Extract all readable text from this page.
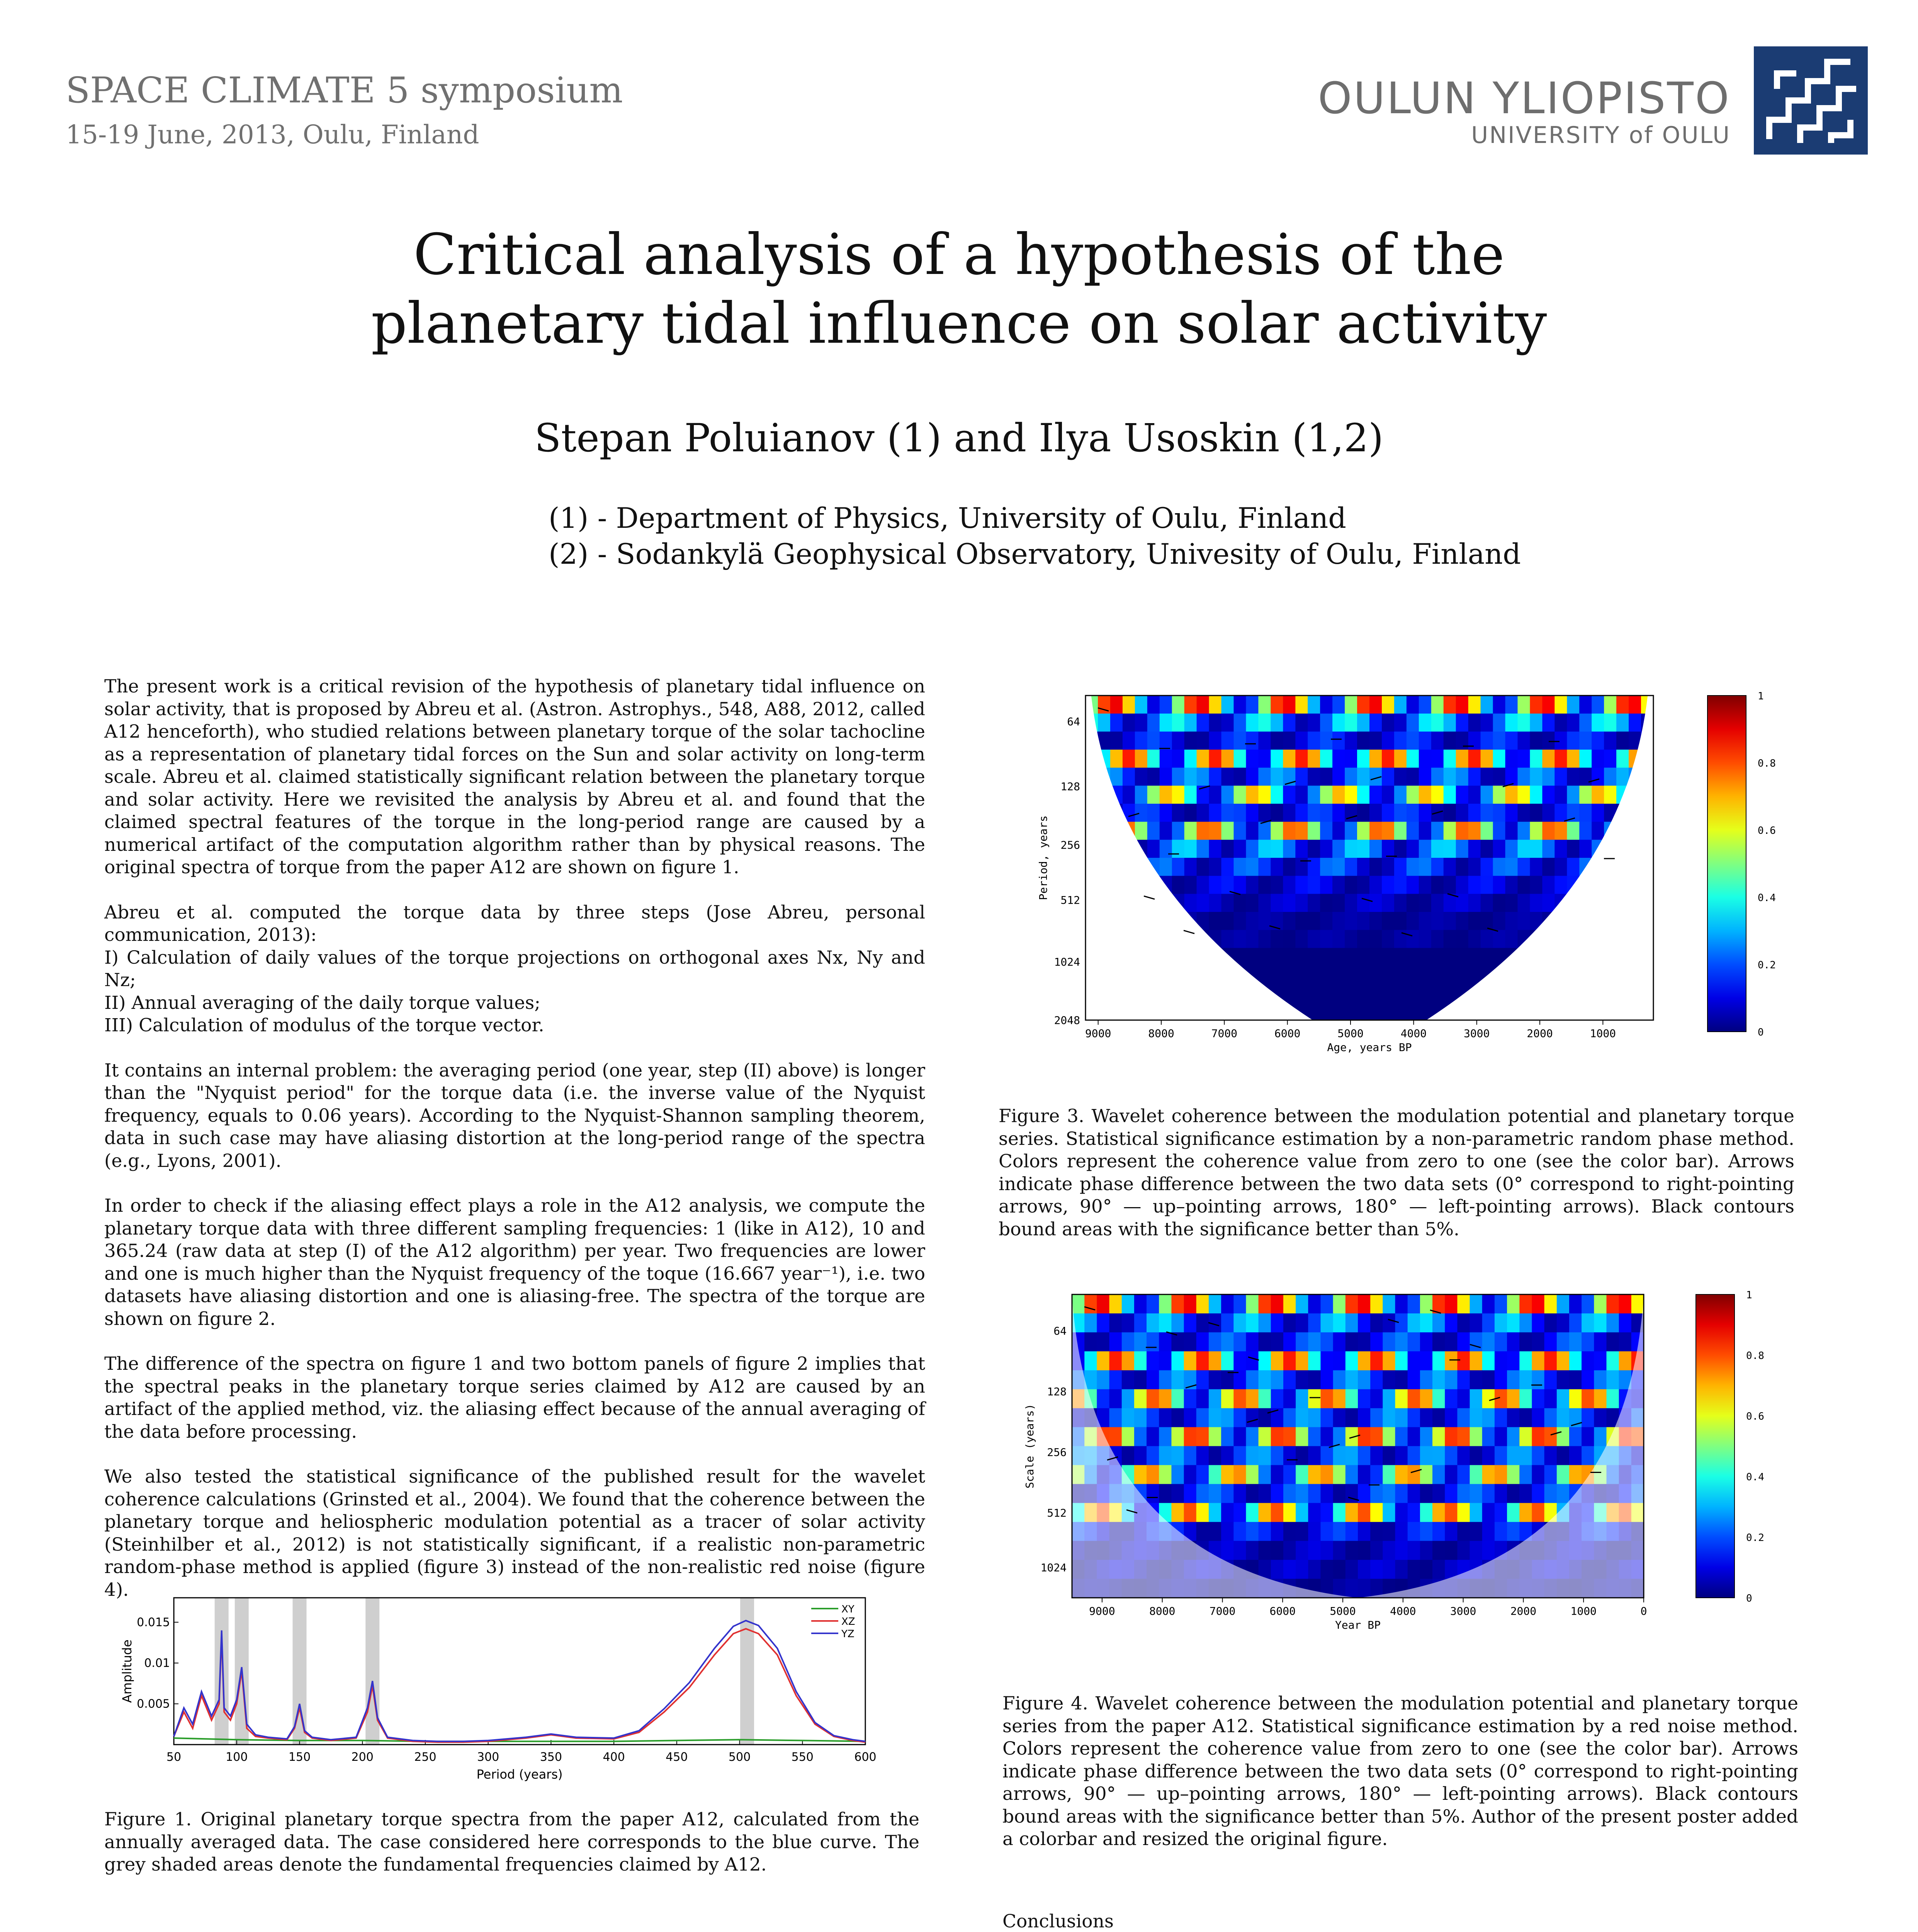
SPACE CLIMATE 5 symposium
15-19 June, 2013, Oulu, Finland
OULUN YLIOPISTO
UNIVERSITY of OULU
Critical analysis of a hypothesis of the
planetary tidal influence on solar activity
Stepan Poluianov (1) and Ilya Usoskin (1,2)
(1) - Department of Physics, University of Oulu, Finland
(2) - Sodankylä Geophysical Observatory, Univesity of Oulu, Finland

The present work is a critical revision of the hypothesis of planetary tidal influence on solar activity, that is proposed by Abreu et al. (Astron. Astrophys., 548, A88, 2012, called A12 henceforth), who studied relations between planetary torque of the solar tachocline as a representation of planetary tidal forces on the Sun and solar activity on long-term scale. Abreu et al. claimed statistically significant relation between the planetary torque and solar activity. Here we revisited the analysis by Abreu et al. and found that the claimed spectral features of the torque in the long-period range are caused by a numerical artifact of the computation algorithm rather than by physical reasons. The original spectra of torque from the paper A12 are shown on figure 1.

Abreu et al. computed the torque data by three steps (Jose Abreu, personal communication, 2013):

I) Calculation of daily values of the torque projections on orthogonal axes Nx, Ny and Nz;

II) Annual averaging of the daily torque values;

III) Calculation of modulus of the torque vector.

It contains an internal problem: the averaging period (one year, step (II) above) is longer than the "Nyquist period" for the torque data (i.e. the inverse value of the Nyquist frequency, equals to 0.06 years). According to the Nyquist-Shannon sampling theorem, data in such case may have aliasing distortion at the long-period range of the spectra (e.g., Lyons, 2001).

In order to check if the aliasing effect plays a role in the A12 analysis, we compute the planetary torque data with three different sampling frequencies: 1 (like in A12), 10 and 365.24 (raw data at step (I) of the A12 algorithm) per year. Two frequencies are lower and one is much higher than the Nyquist frequency of the toque (16.667 year⁻¹), i.e. two datasets have aliasing distortion and one is aliasing-free. The spectra of the torque are shown on figure 2.

The difference of the spectra on figure 1 and two bottom panels of figure 2 implies that the spectral peaks in the planetary torque series claimed by A12 are caused by an artifact of the applied method, viz. the aliasing effect because of the annual averaging of the data before processing.

We also tested the statistical significance of the published result for the wavelet coherence calculations (Grinsted et al., 2004). We found that the coherence between the planetary torque and heliospheric modulation potential as a tracer of solar activity (Steinhilber et al., 2012) is not statistically significant, if a realistic non-parametric random-phase method is applied (figure 3) instead of the non-realistic red noise (figure 4).

50	100	150	200	250	300	350	400	450	500	550	600
0.005
0.01
0.015
Period (years)
Amplitude
XY
XZ
YZ
Figure 1. Original planetary torque spectra from the paper A12, calculated from the annually averaged data. The case considered here corresponds to the blue curve. The grey shaded areas denote the fundamental frequencies claimed by A12.
9000	8000	7000	6000	5000	4000	3000	2000	1000
64
128
256
512
1024
2048
Age, years BP
Period, years
1
0.8
0.6
0.4
0.2
0
Figure 3. Wavelet coherence between the modulation potential and planetary torque series. Statistical significance estimation by a non-parametric random phase method. Colors represent the coherence value from zero to one (see the color bar). Arrows indicate phase difference between the two data sets (0° correspond to right-pointing arrows, 90° — up–pointing arrows, 180° — left-pointing arrows). Black contours bound areas with the significance better than 5%.
9000	8000	7000	6000	5000	4000	3000	2000	1000	0
64
128
256
512
1024
Year BP
Scale (years)
1
0.8
0.6
0.4
0.2
0
Figure 4. Wavelet coherence between the modulation potential and planetary torque series from the paper A12. Statistical significance estimation by a red noise method. Colors represent the coherence value from zero to one (see the color bar). Arrows indicate phase difference between the two data sets (0° correspond to right-pointing arrows, 90° — up–pointing arrows, 180° — left-pointing arrows). Black contours bound areas with the significance better than 5%. Author of the present poster added a colorbar and resized the original figure.
Conclusions
